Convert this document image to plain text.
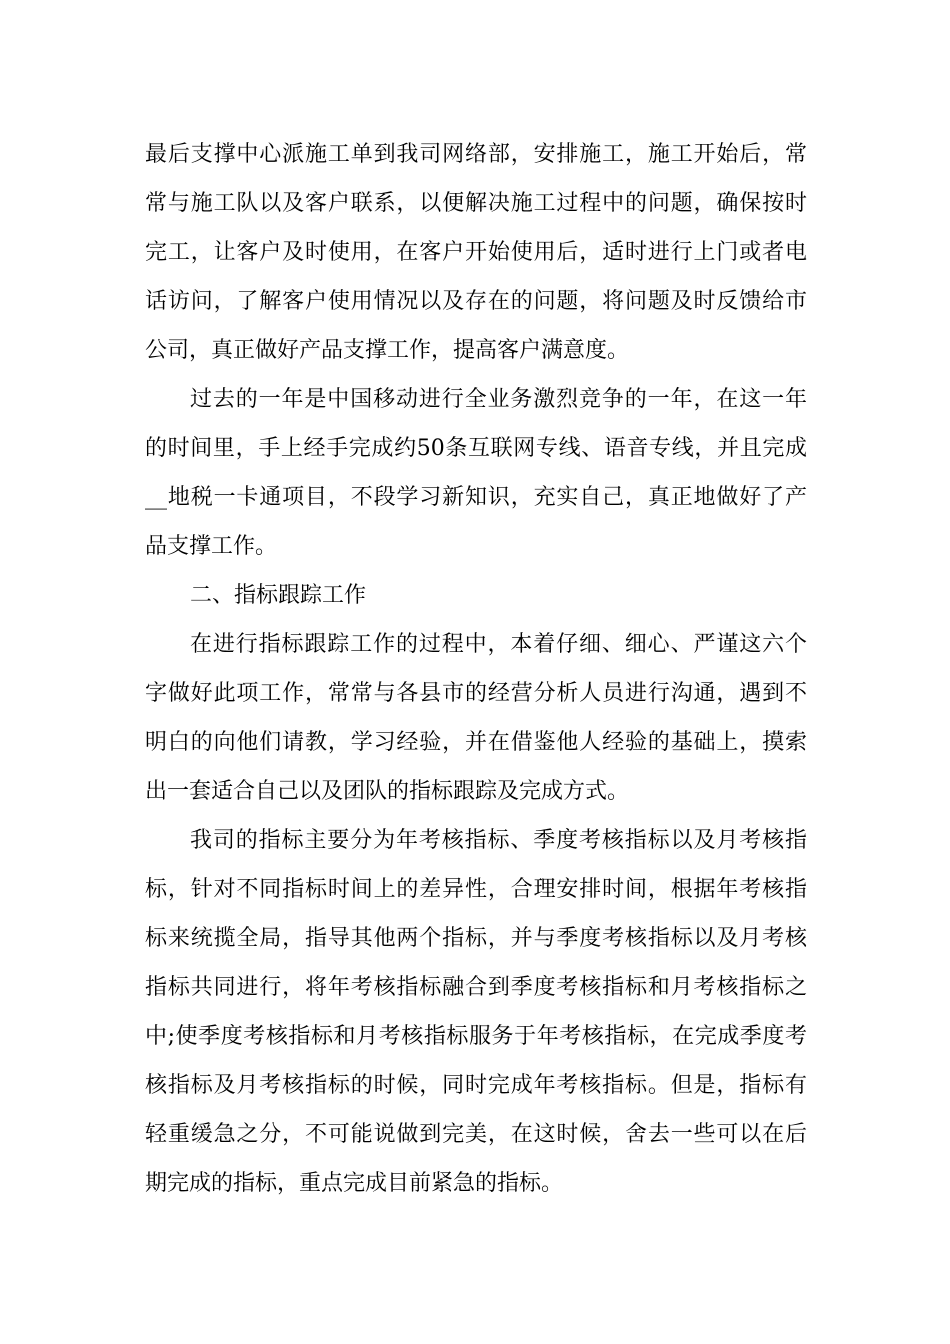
最后支撑中心派施工单到我司网络部，安排施工，施工开始后，常
常与施工队以及客户联系，以便解决施工过程中的问题，确保按时
完工，让客户及时使用，在客户开始使用后，适时进行上门或者电
话访问，了解客户使用情况以及存在的问题，将问题及时反馈给市
公司，真正做好产品支撑工作，提高客户满意度。
过去的一年是中国移动进行全业务激烈竞争的一年，在这一年
的时间里，手上经手完成约50条互联网专线、语音专线，并且完成
__地税一卡通项目，不段学习新知识，充实自己，真正地做好了产
品支撑工作。
二、指标跟踪工作
在进行指标跟踪工作的过程中，本着仔细、细心、严谨这六个
字做好此项工作，常常与各县市的经营分析人员进行沟通，遇到不
明白的向他们请教，学习经验，并在借鉴他人经验的基础上，摸索
出一套适合自己以及团队的指标跟踪及完成方式。
我司的指标主要分为年考核指标、季度考核指标以及月考核指
标，针对不同指标时间上的差异性，合理安排时间，根据年考核指
标来统揽全局，指导其他两个指标，并与季度考核指标以及月考核
指标共同进行，将年考核指标融合到季度考核指标和月考核指标之
中;使季度考核指标和月考核指标服务于年考核指标，在完成季度考
核指标及月考核指标的时候，同时完成年考核指标。但是，指标有
轻重缓急之分，不可能说做到完美，在这时候，舍去一些可以在后
期完成的指标，重点完成目前紧急的指标。
